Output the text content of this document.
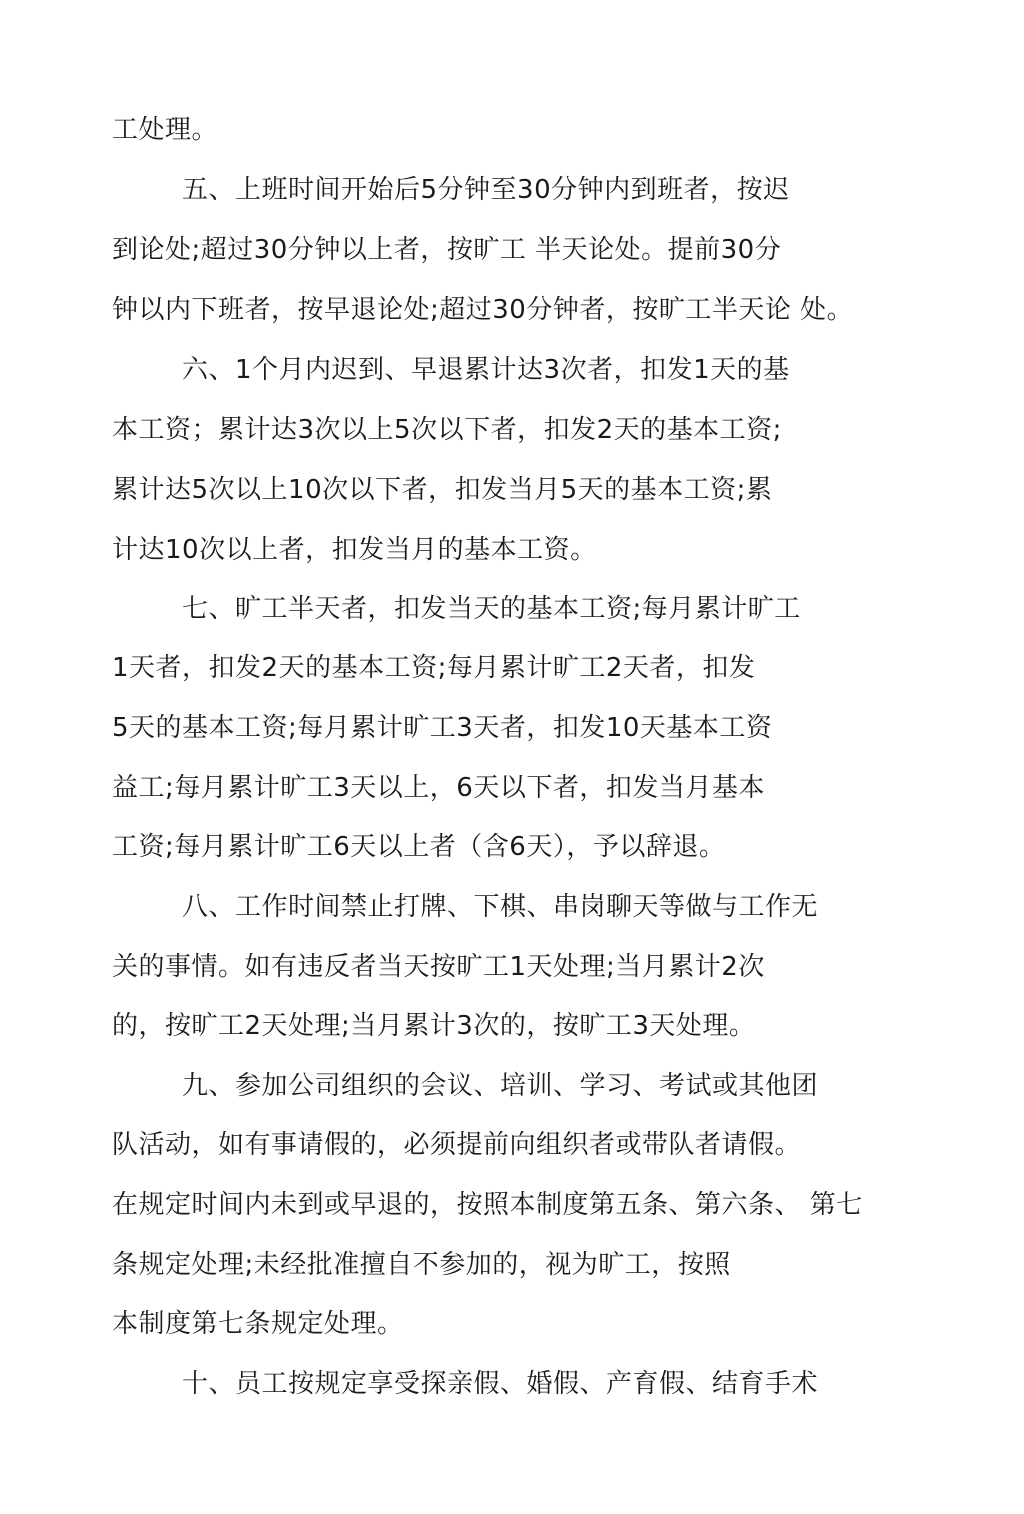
工处理。
五、上班时间开始后5分钟至30分钟内到班者，按迟
到论处;超过30分钟以上者，按旷工 半天论处。提前30分
钟以内下班者，按早退论处;超过30分钟者，按旷工半天论 处。
六、1个月内迟到、早退累计达3次者，扣发1天的基
本工资；累计达3次以上5次以下者，扣发2天的基本工资;
累计达5次以上10次以下者，扣发当月5天的基本工资;累
计达10次以上者，扣发当月的基本工资。
七、旷工半天者，扣发当天的基本工资;每月累计旷工
1天者，扣发2天的基本工资;每月累计旷工2天者，扣发
5天的基本工资;每月累计旷工3天者，扣发10天基本工资
益工;每月累计旷工3天以上，6天以下者，扣发当月基本
工资;每月累计旷工6天以上者（含6天），予以辞退。
八、工作时间禁止打牌、下棋、串岗聊天等做与工作无
关的事情。如有违反者当天按旷工1天处理;当月累计2次
的，按旷工2天处理;当月累计3次的，按旷工3天处理。
九、参加公司组织的会议、培训、学习、考试或其他团
队活动，如有事请假的，必须提前向组织者或带队者请假。
在规定时间内未到或早退的，按照本制度第五条、第六条、 第七
条规定处理;未经批准擅自不参加的，视为旷工，按照
本制度第七条规定处理。
十、员工按规定享受探亲假、婚假、产育假、结育手术
